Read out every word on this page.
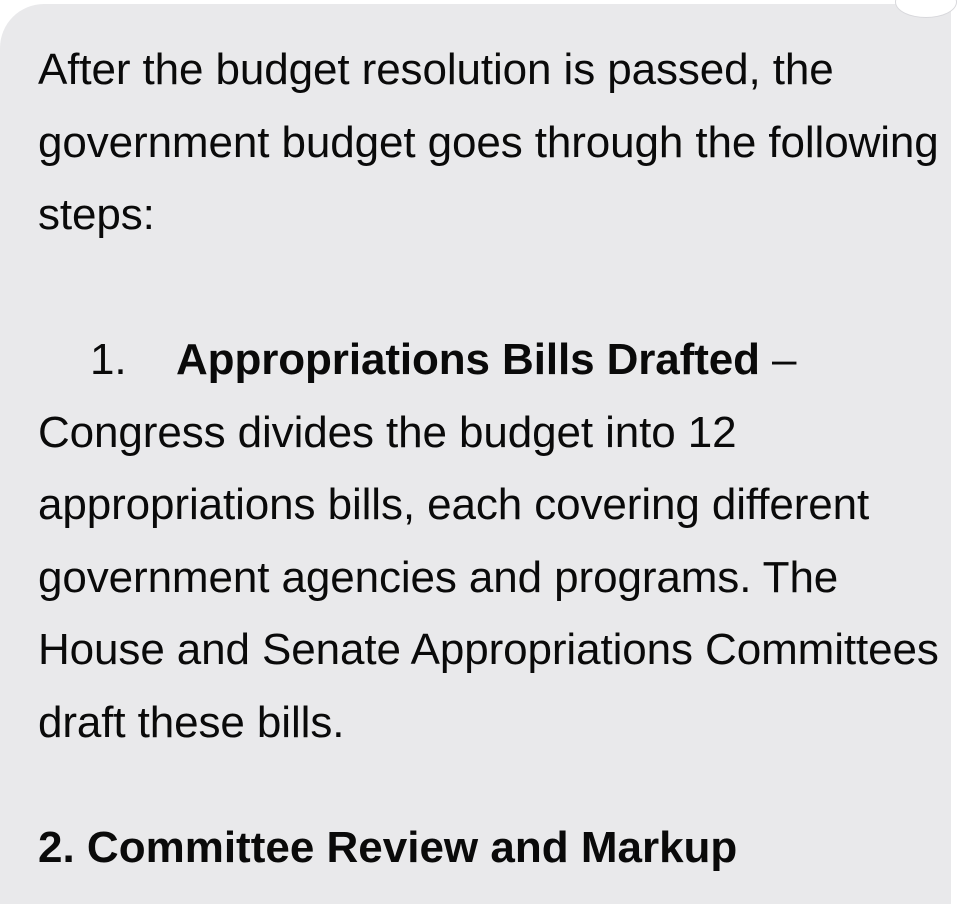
After the budget resolution is passed, the government budget goes through the following steps:

1. Appropriations Bills Drafted – Congress divides the budget into 12 appropriations bills, each covering different government agencies and programs. The House and Senate Appropriations Committees draft these bills.

2. Committee Review and Markup
